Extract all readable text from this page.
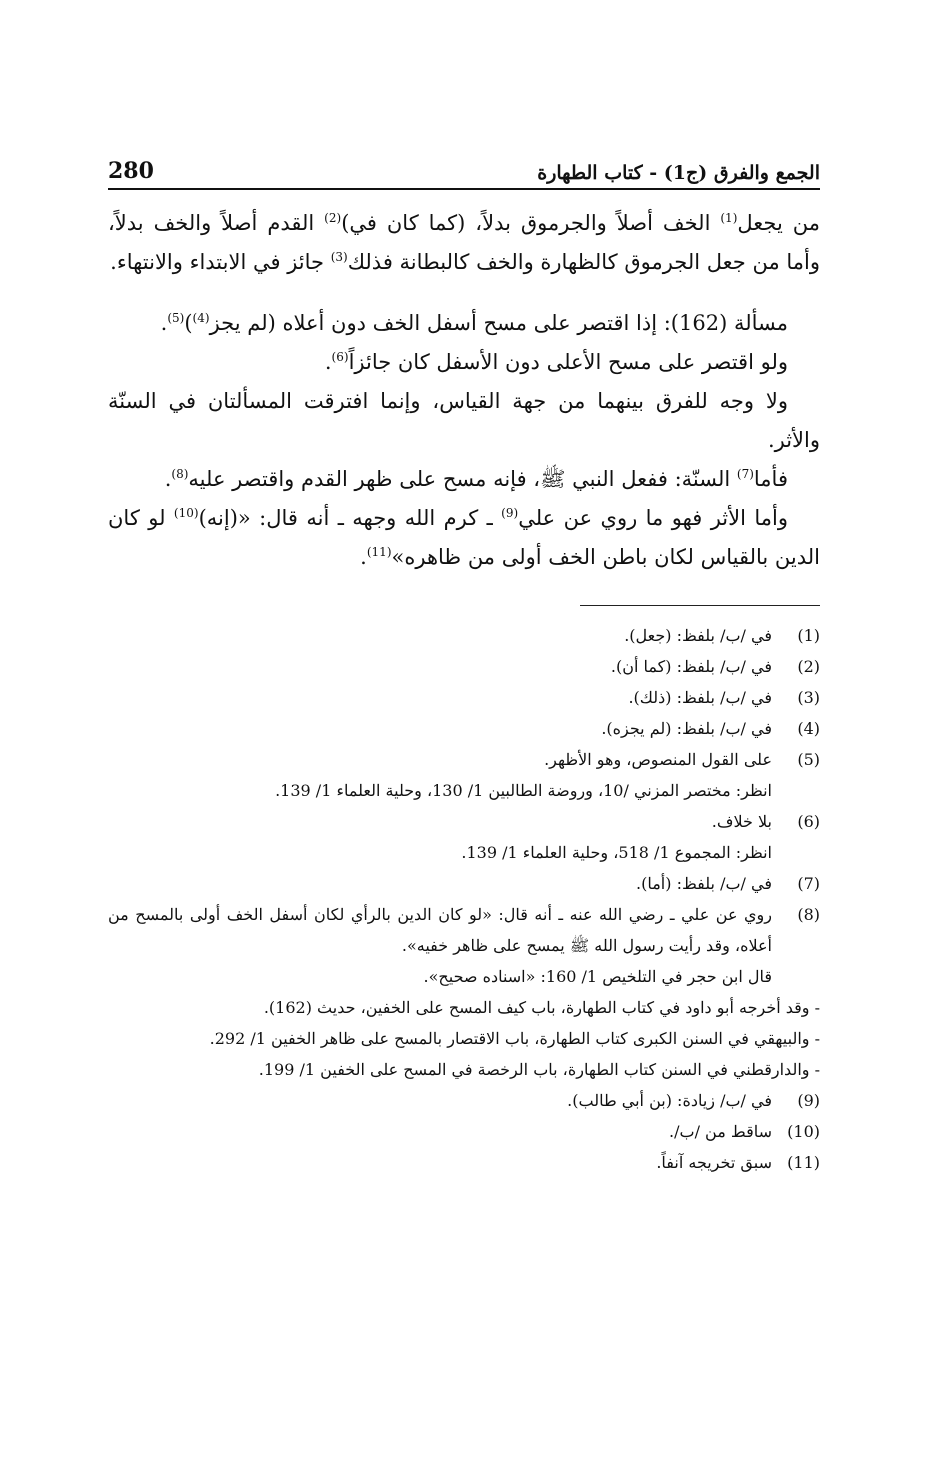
الجمع والفرق (ج1) - كتاب الطهارة
280

من يجعل$^{(1)}$ الخف أصلاً والجرموق بدلاً، (كما كان في)$^{(2)}$ القدم أصلاً والخف بدلاً، وأما من جعل الجرموق كالظهارة والخف كالبطانة فذلك$^{(3)}$ جائز في الابتداء والانتهاء.

مسألة (162): إذا اقتصر على مسح أسفل الخف دون أعلاه (لم يجز$^{(4)}$)$^{(5)}$.

ولو اقتصر على مسح الأعلى دون الأسفل كان جائزاً$^{(6)}$.

ولا وجه للفرق بينهما من جهة القياس، وإنما افترقت المسألتان في السنّة والأثر.

فأما$^{(7)}$ السنّة: ففعل النبي ﷺ، فإنه مسح على ظهر القدم واقتصر عليه$^{(8)}$.

وأما الأثر فهو ما روي عن علي$^{(9)}$ ـ كرم الله وجهه ـ أنه قال: «(إنه)$^{(10)}$ لو كان الدين بالقياس لكان باطن الخف أولى من ظاهره»$^{(11)}$.

(1)
في /ب/ بلفظ: (جعل).
(2)
في /ب/ بلفظ: (كما أن).
(3)
في /ب/ بلفظ: (ذلك).
(4)
في /ب/ بلفظ: (لم يجزه).
(5)
على القول المنصوص، وهو الأظهر.
انظر: مختصر المزني /10، وروضة الطالبين 1/ 130، وحلية العلماء 1/ 139.
(6)
بلا خلاف.
انظر: المجموع 1/ 518، وحلية العلماء 1/ 139.
(7)
في /ب/ بلفظ: (أما).
(8)
روي عن علي ـ رضي الله عنه ـ أنه قال: «لو كان الدين بالرأي لكان أسفل الخف أولى بالمسح من أعلاه، وقد رأيت رسول الله ﷺ يمسح على ظاهر خفيه».
قال ابن حجر في التلخيص 1/ 160: «اسناده صحيح».
- وقد أخرجه أبو داود في كتاب الطهارة، باب كيف المسح على الخفين، حديث (162).
- والبيهقي في السنن الكبرى كتاب الطهارة، باب الاقتصار بالمسح على ظاهر الخفين 1/ 292.
- والدارقطني في السنن كتاب الطهارة، باب الرخصة في المسح على الخفين 1/ 199.
(9)
في /ب/ زيادة: (بن أبي طالب).
(10)
ساقط من /ب/.
(11)
سبق تخريجه آنفاً.
